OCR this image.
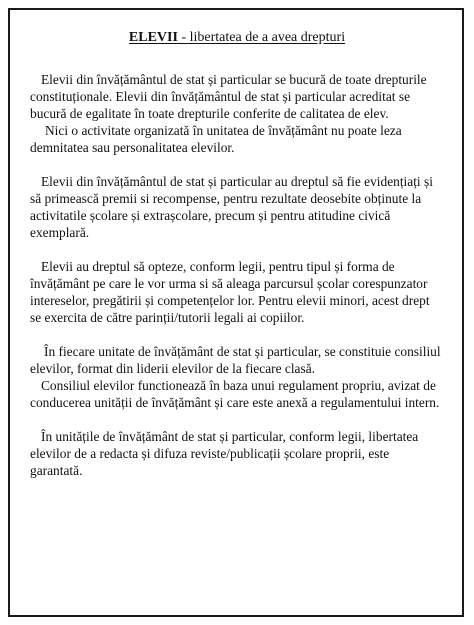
ELEVII - libertatea de a avea drepturi

Elevii din învățământul de stat și particular se bucură de toate drepturile constituționale. Elevii din învățământul de stat și particular acreditat se bucură de egalitate în toate drepturile conferite de calitatea de elev.

Nici o activitate organizată în unitatea de învățământ nu poate leza demnitatea sau personalitatea elevilor.

Elevii din învățământul de stat și particular au dreptul să fie evidențiați și să primească premii si recompense, pentru rezultate deosebite obținute la activitatile școlare și extrașcolare, precum și pentru atitudine civică exemplară.

Elevii au dreptul să opteze, conform legii, pentru tipul și forma de învățământ pe care le vor urma si să aleaga parcursul școlar corespunzator intereselor, pregătirii și competențelor lor. Pentru elevii minori, acest drept se exercita de către parinții/tutorii legali ai copiilor.

În fiecare unitate de învățământ de stat și particular, se constituie consiliul elevilor, format din liderii elevilor de la fiecare clasă.

Consiliul elevilor functionează în baza unui regulament propriu, avizat de conducerea unității de învățământ și care este anexă a regulamentului intern.

În unitățile de învățământ de stat și particular, conform legii, libertatea elevilor de a redacta și difuza reviste/publicații școlare proprii, este garantată.
